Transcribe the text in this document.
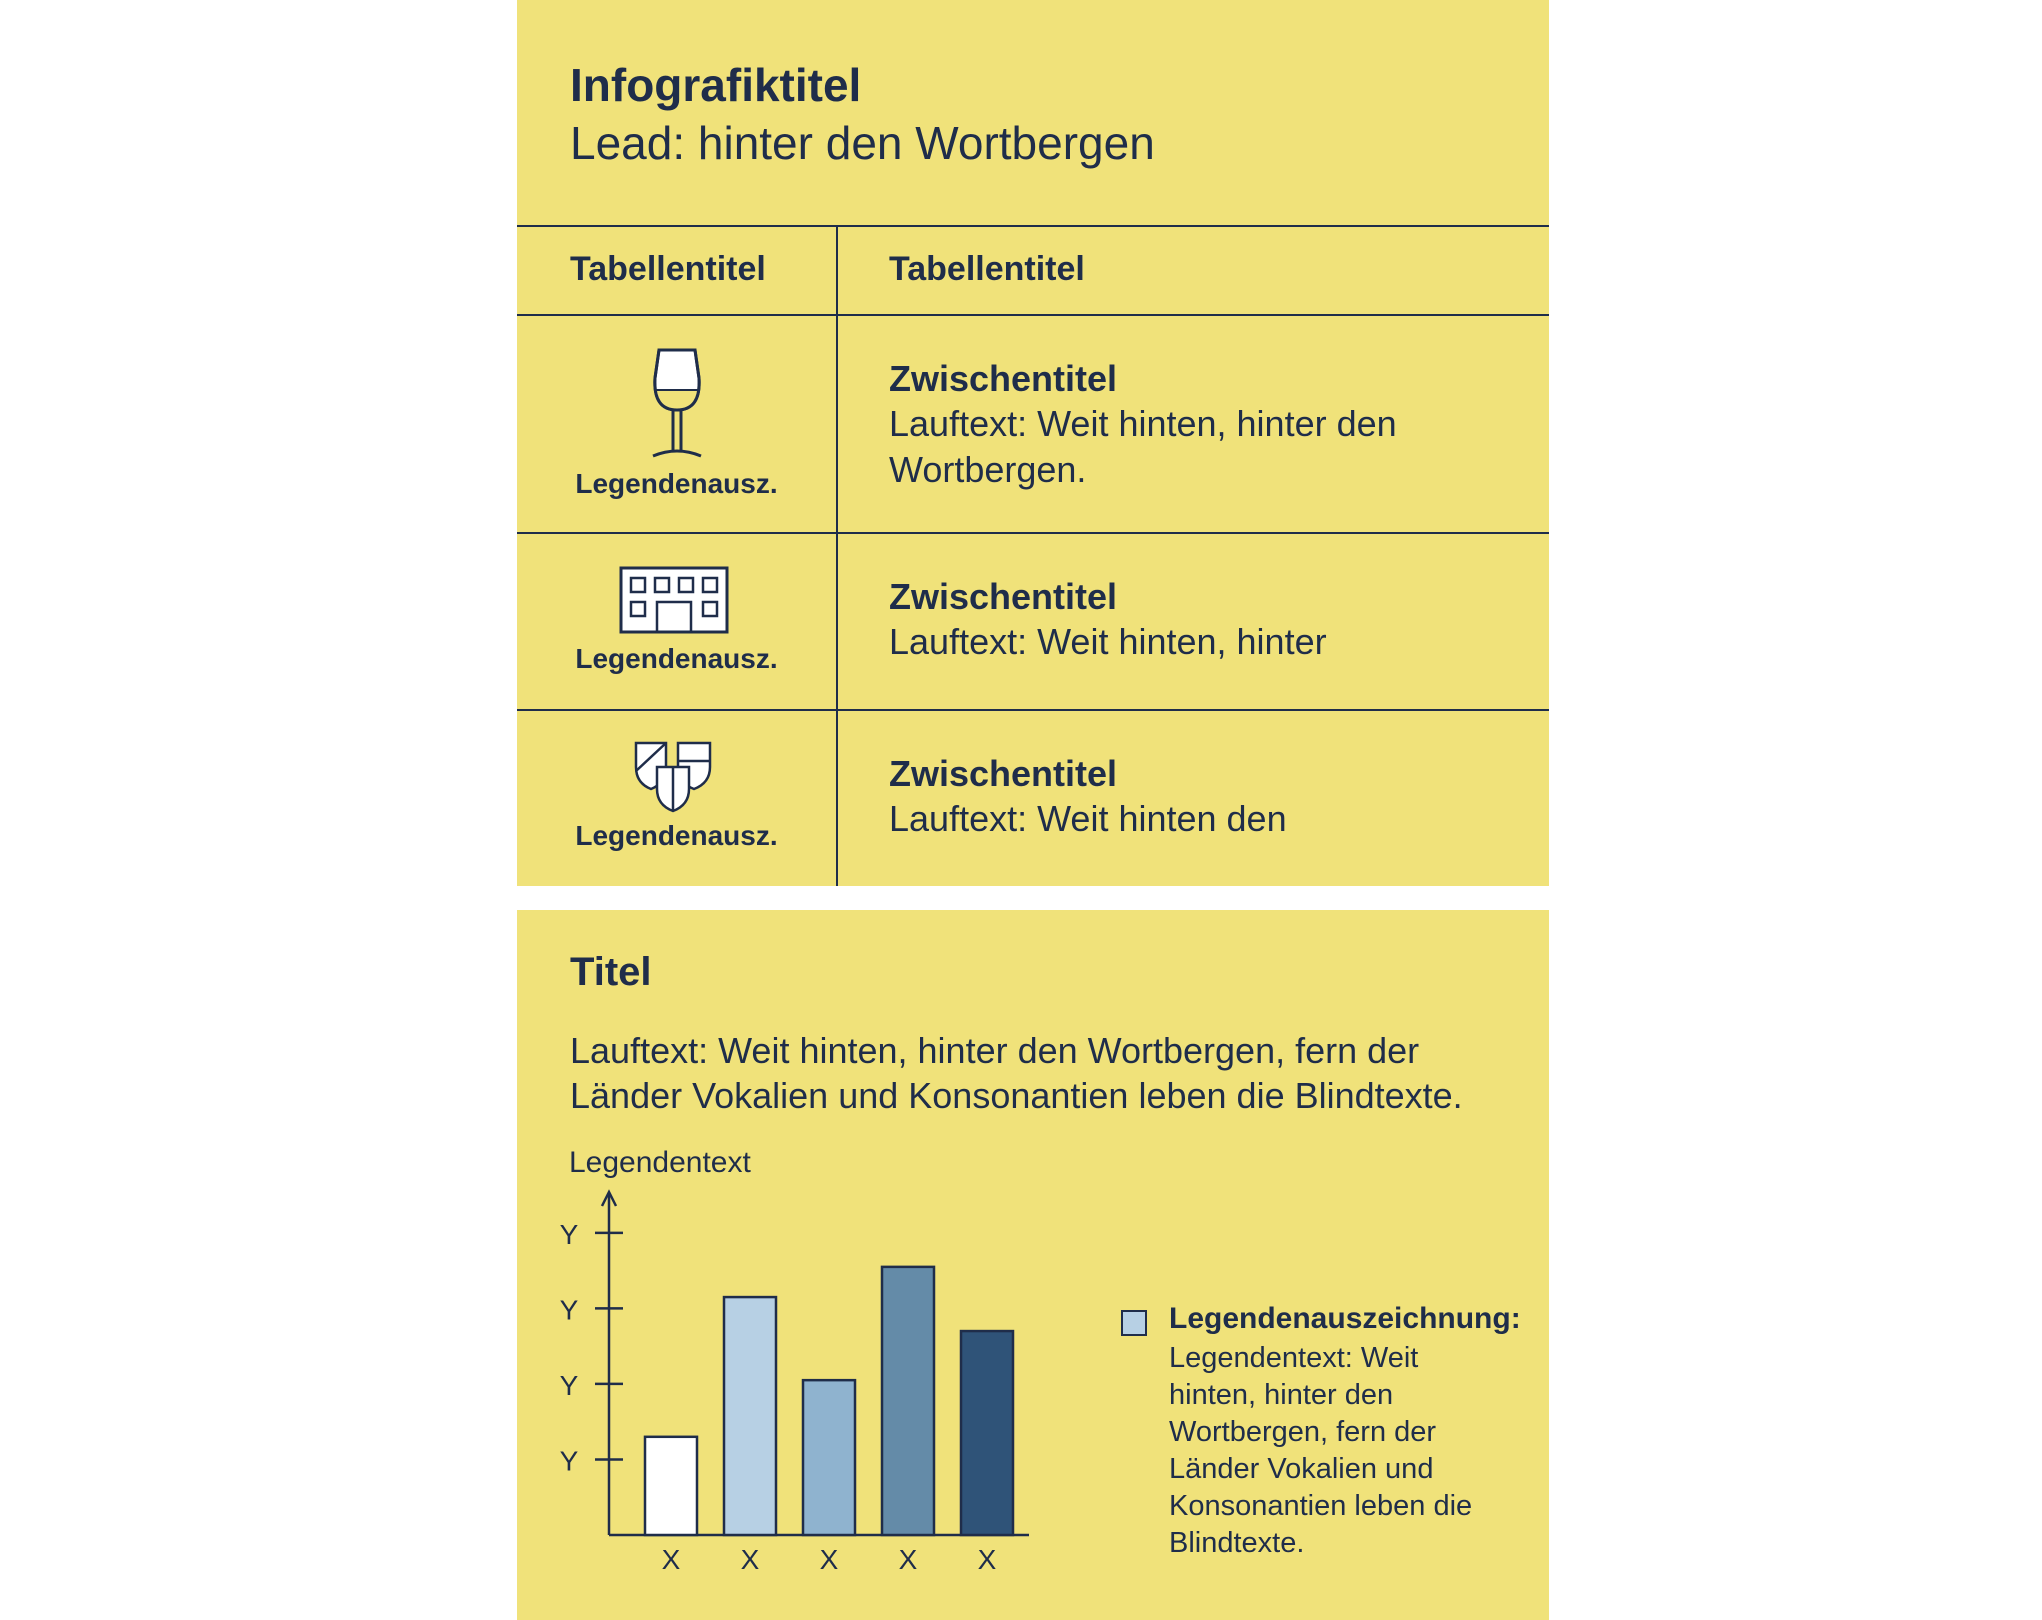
Infografiktitel
Lead: hinter den Wortbergen
Tabellentitel	Tabellentitel
Legendenausz.
Zwischentitel
Lauftext: Weit hinten, hinter den Wortbergen.
Legendenausz.
Zwischentitel
Lauftext: Weit hinten, hinter
Legendenausz.
Zwischentitel
Lauftext: Weit hinten den
Titel
Lauftext: Weit hinten, hinter den Wortbergen, fern der Länder Vokalien und Konsonantien leben die Blindtexte.
Legendentext
Y
Y
Y
Y
X X X X X
Legendenauszeichnung:
Legendentext: Weit hinten, hinter den Wortbergen, fern der Länder Vokalien und Konsonantien leben die Blindtexte.
